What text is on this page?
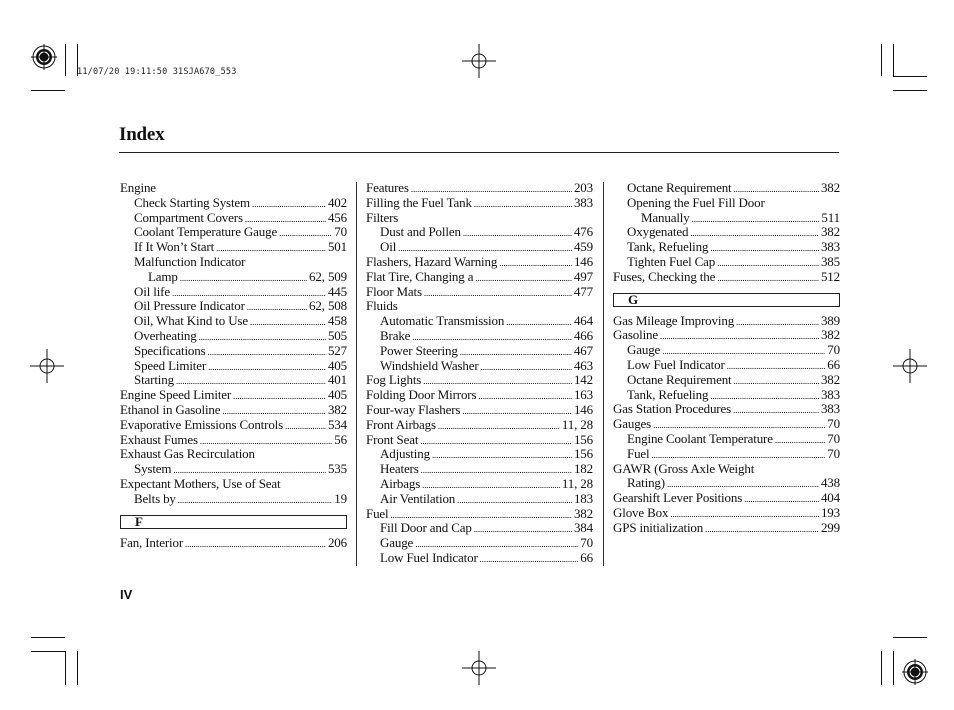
11/07/20 19:11:50 31SJA670_553
Index
Engine
Check Starting System .....	402
Compartment Covers .....	456
Coolant Temperature Gauge .....	70
If It Won’t Start .....	501
Malfunction Indicator
Lamp .....	62, 509
Oil life .....	445
Oil Pressure Indicator .....	62, 508
Oil, What Kind to Use .....	458
Overheating .....	505
Specifications .....	527
Speed Limiter .....	405
Starting .....	401
Engine Speed Limiter .....	405
Ethanol in Gasoline .....	382
Evaporative Emissions Controls .....	534
Exhaust Fumes .....	56
Exhaust Gas Recirculation
System .....	535
Expectant Mothers, Use of Seat
Belts by .....	19
F
Fan, Interior .....	206
Features .....	203
Filling the Fuel Tank .....	383
Filters
Dust and Pollen .....	476
Oil .....	459
Flashers, Hazard Warning .....	146
Flat Tire, Changing a .....	497
Floor Mats .....	477
Fluids
Automatic Transmission .....	464
Brake .....	466
Power Steering .....	467
Windshield Washer .....	463
Fog Lights .....	142
Folding Door Mirrors .....	163
Four-way Flashers .....	146
Front Airbags .....	11, 28
Front Seat .....	156
Adjusting .....	156
Heaters .....	182
Airbags .....	11, 28
Air Ventilation .....	183
Fuel .....	382
Fill Door and Cap .....	384
Gauge .....	70
Low Fuel Indicator .....	66
Octane Requirement .....	382
Opening the Fuel Fill Door
Manually .....	511
Oxygenated .....	382
Tank, Refueling .....	383
Tighten Fuel Cap .....	385
Fuses, Checking the .....	512
G
Gas Mileage Improving .....	389
Gasoline .....	382
Gauge .....	70
Low Fuel Indicator .....	66
Octane Requirement .....	382
Tank, Refueling .....	383
Gas Station Procedures .....	383
Gauges .....	70
Engine Coolant Temperature .....	70
Fuel .....	70
GAWR (Gross Axle Weight
Rating) .....	438
Gearshift Lever Positions .....	404
Glove Box .....	193
GPS initialization .....	299
IV
